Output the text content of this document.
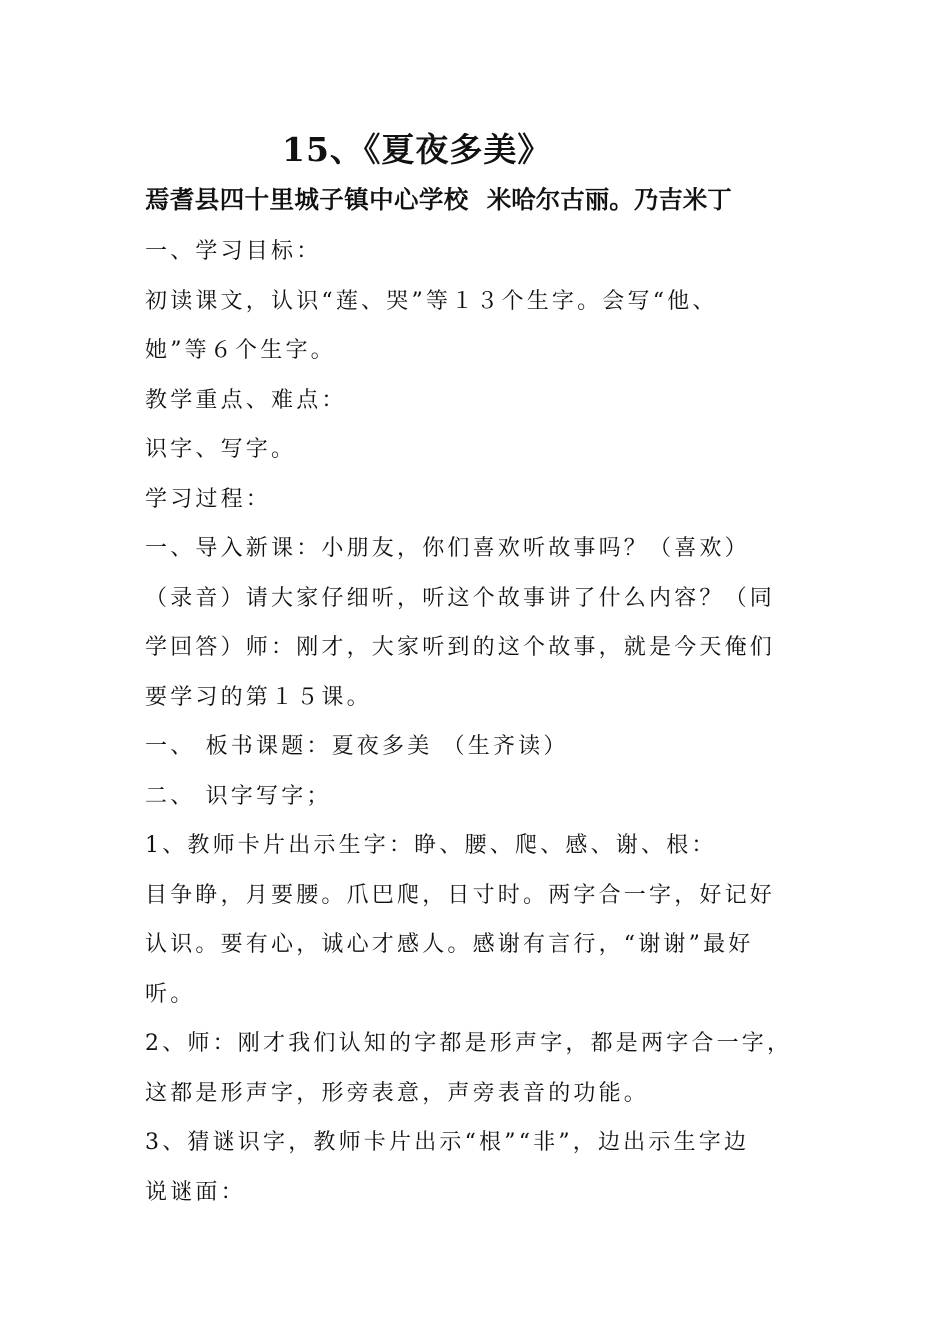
15、《夏夜多美》

焉耆县四十里城子镇中心学校 米哈尔古丽。乃吉米丁

一、学习目标：

初读课文，认识“莲、哭”等１３个生字。会写“他、

她”等６个生字。

教学重点、难点：

识字、写字。

学习过程：

一、导入新课：小朋友，你们喜欢听故事吗？（喜欢）

（录音）请大家仔细听，听这个故事讲了什么内容？（同

学回答）师：刚才，大家听到的这个故事，就是今天俺们

要学习的第１５课。

一、 板书课题：夏夜多美 （生齐读）

二、 识字写字；

1、教师卡片出示生字：睁、腰、爬、感、谢、根：

目争睁，月要腰。爪巴爬，日寸时。两字合一字，好记好

认识。要有心，诚心才感人。感谢有言行，“谢谢”最好

听。

2、师：刚才我们认知的字都是形声字，都是两字合一字，

这都是形声字，形旁表意，声旁表音的功能。

3、猜谜识字，教师卡片出示“根”“非”，边出示生字边

说谜面：
